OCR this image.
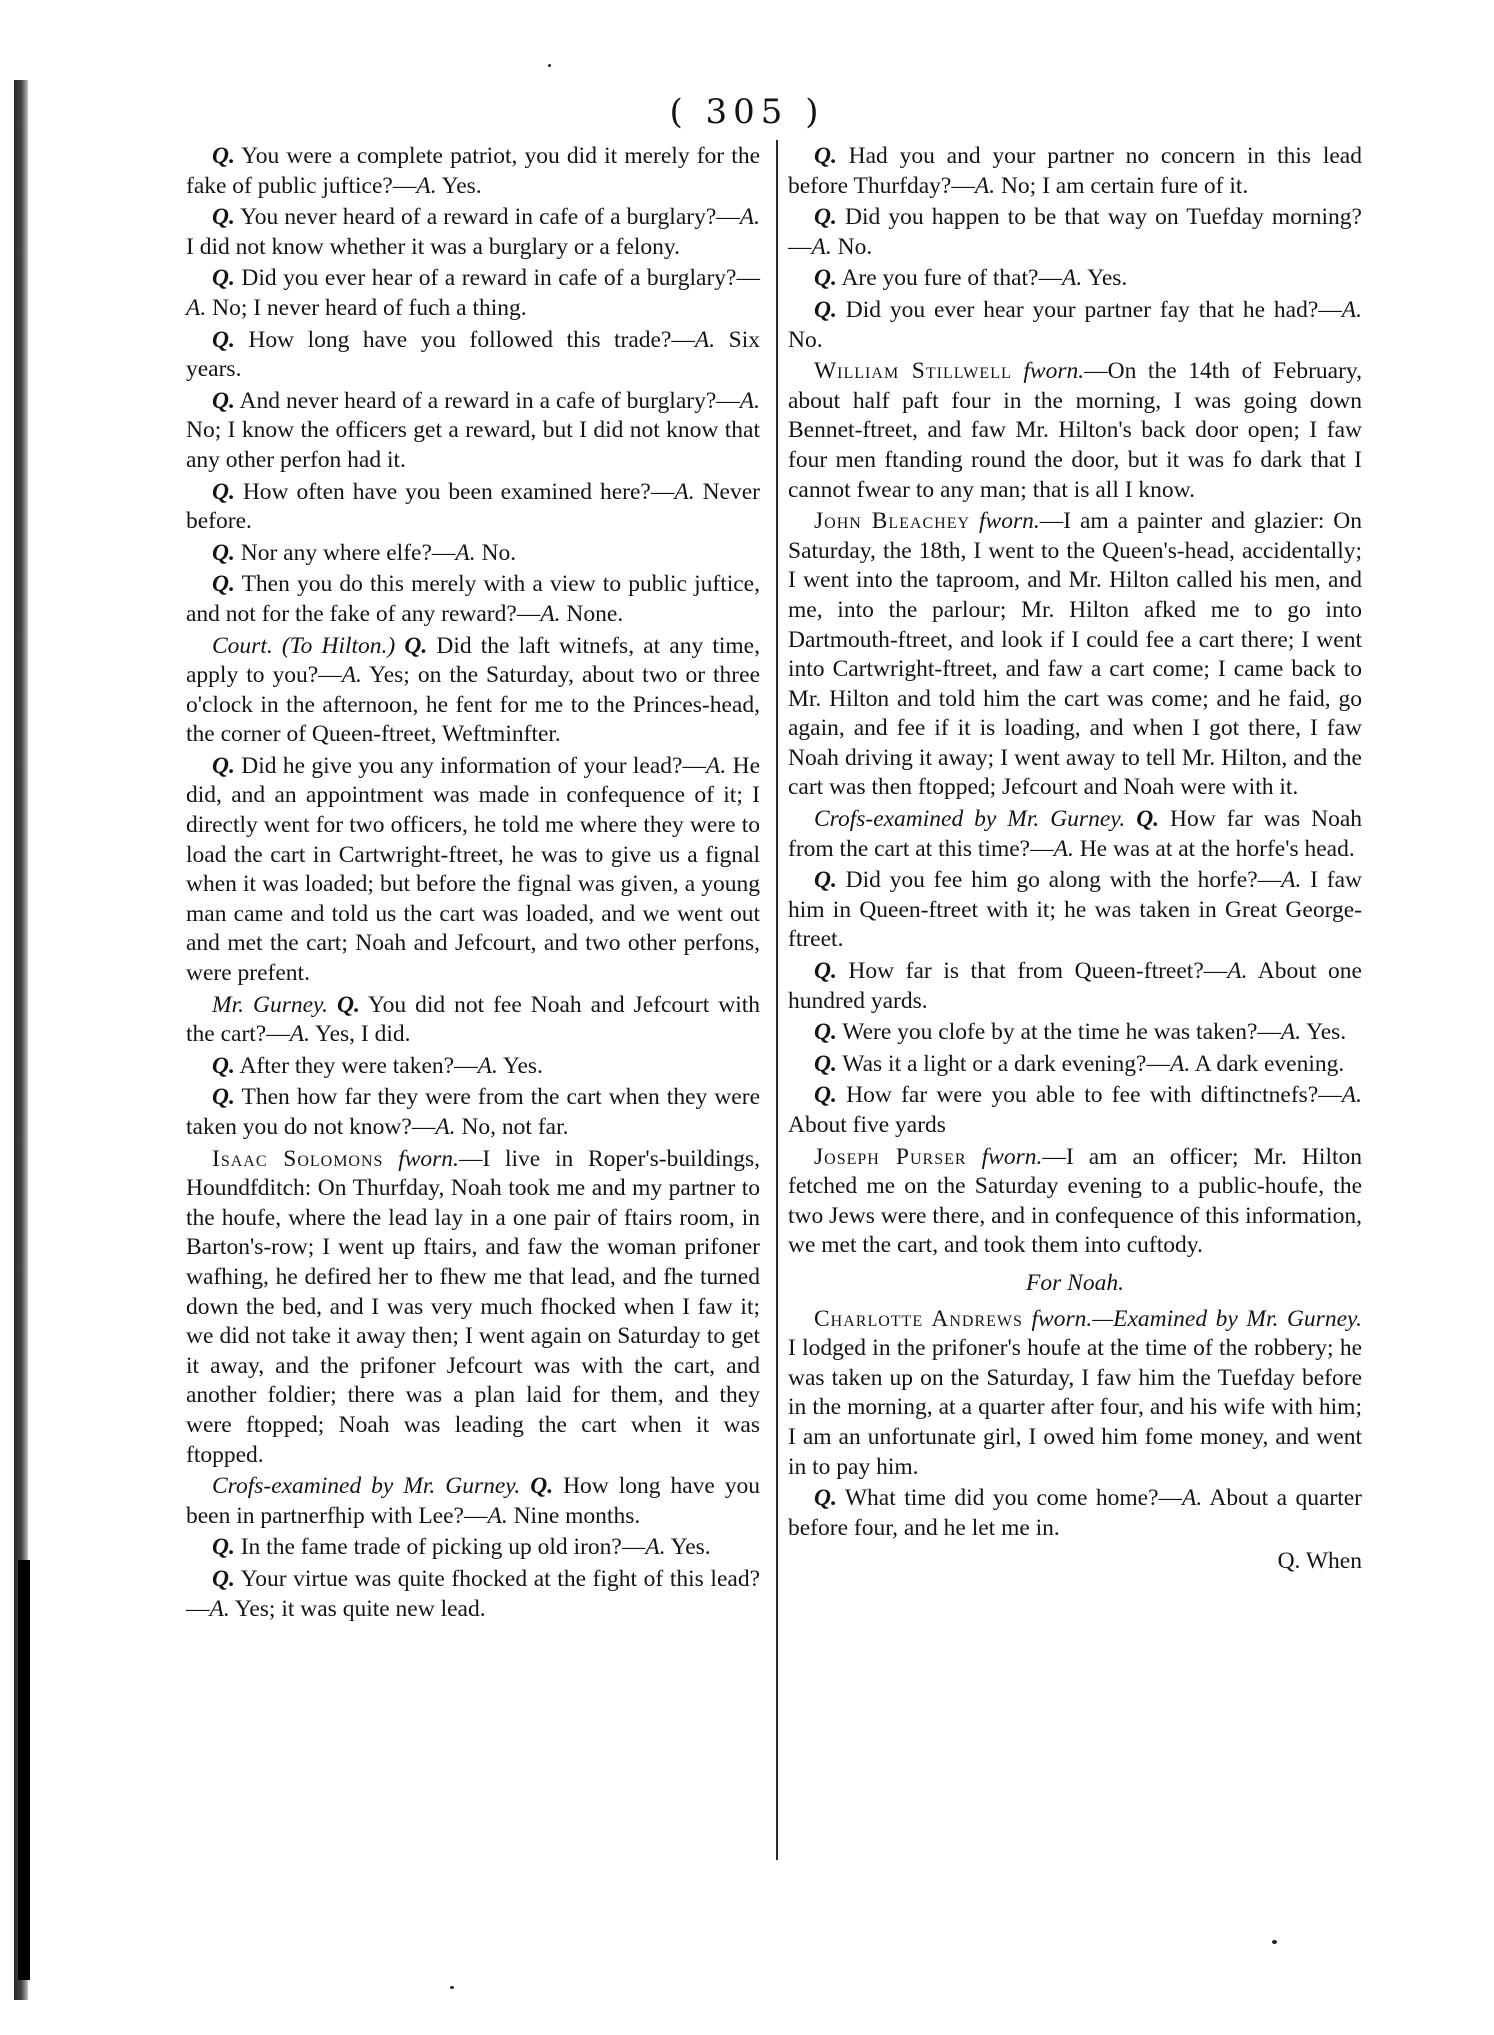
( 305 )

Q. You were a complete patriot, you did it merely for the fake of public juftice?—A. Yes.

Q. You never heard of a reward in cafe of a burglary?—A. I did not know whether it was a burglary or a felony.

Q. Did you ever hear of a reward in cafe of a burglary?—A. No; I never heard of fuch a thing.

Q. How long have you followed this trade?—A. Six years.

Q. And never heard of a reward in a cafe of burglary?—A. No; I know the officers get a reward, but I did not know that any other perfon had it.

Q. How often have you been examined here?—A. Never before.

Q. Nor any where elfe?—A. No.

Q. Then you do this merely with a view to public juftice, and not for the fake of any reward?—A. None.

Court. (To Hilton.) Q. Did the laft witnefs, at any time, apply to you?—A. Yes; on the Saturday, about two or three o'clock in the afternoon, he fent for me to the Princes-head, the corner of Queen-ftreet, Weftminfter.

Q. Did he give you any information of your lead?—A. He did, and an appointment was made in confequence of it; I directly went for two officers, he told me where they were to load the cart in Cartwright-ftreet, he was to give us a fignal when it was loaded; but before the fignal was given, a young man came and told us the cart was loaded, and we went out and met the cart; Noah and Jefcourt, and two other perfons, were prefent.

Mr. Gurney. Q. You did not fee Noah and Jefcourt with the cart?—A. Yes, I did.

Q. After they were taken?—A. Yes.

Q. Then how far they were from the cart when they were taken you do not know?—A. No, not far.

Isaac Solomons fworn.—I live in Roper's-buildings, Houndfditch: On Thurfday, Noah took me and my partner to the houfe, where the lead lay in a one pair of ftairs room, in Barton's-row; I went up ftairs, and faw the woman prifoner wafhing, he defired her to fhew me that lead, and fhe turned down the bed, and I was very much fhocked when I faw it; we did not take it away then; I went again on Saturday to get it away, and the prifoner Jefcourt was with the cart, and another foldier; there was a plan laid for them, and they were ftopped; Noah was leading the cart when it was ftopped.

Crofs-examined by Mr. Gurney. Q. How long have you been in partnerfhip with Lee?—A. Nine months.

Q. In the fame trade of picking up old iron?—A. Yes.

Q. Your virtue was quite fhocked at the fight of this lead?—A. Yes; it was quite new lead.

Q. Had you and your partner no concern in this lead before Thurfday?—A. No; I am certain fure of it.

Q. Did you happen to be that way on Tuefday morning?—A. No.

Q. Are you fure of that?—A. Yes.

Q. Did you ever hear your partner fay that he had?—A. No.

William Stillwell fworn.—On the 14th of February, about half paft four in the morning, I was going down Bennet-ftreet, and faw Mr. Hilton's back door open; I faw four men ftanding round the door, but it was fo dark that I cannot fwear to any man; that is all I know.

John Bleachey fworn.—I am a painter and glazier: On Saturday, the 18th, I went to the Queen's-head, accidentally; I went into the taproom, and Mr. Hilton called his men, and me, into the parlour; Mr. Hilton afked me to go into Dartmouth-ftreet, and look if I could fee a cart there; I went into Cartwright-ftreet, and faw a cart come; I came back to Mr. Hilton and told him the cart was come; and he faid, go again, and fee if it is loading, and when I got there, I faw Noah driving it away; I went away to tell Mr. Hilton, and the cart was then ftopped; Jefcourt and Noah were with it.

Crofs-examined by Mr. Gurney. Q. How far was Noah from the cart at this time?—A. He was at at the horfe's head.

Q. Did you fee him go along with the horfe?—A. I faw him in Queen-ftreet with it; he was taken in Great George-ftreet.

Q. How far is that from Queen-ftreet?—A. About one hundred yards.

Q. Were you clofe by at the time he was taken?—A. Yes.

Q. Was it a light or a dark evening?—A. A dark evening.

Q. How far were you able to fee with diftinctnefs?—A. About five yards

Joseph Purser fworn.—I am an officer; Mr. Hilton fetched me on the Saturday evening to a public-houfe, the two Jews were there, and in confequence of this information, we met the cart, and took them into cuftody.

For Noah.

Charlotte Andrews fworn.—Examined by Mr. Gurney. I lodged in the prifoner's houfe at the time of the robbery; he was taken up on the Saturday, I faw him the Tuefday before in the morning, at a quarter after four, and his wife with him; I am an unfortunate girl, I owed him fome money, and went in to pay him.

Q. What time did you come home?—A. About a quarter before four, and he let me in.

Q. When
